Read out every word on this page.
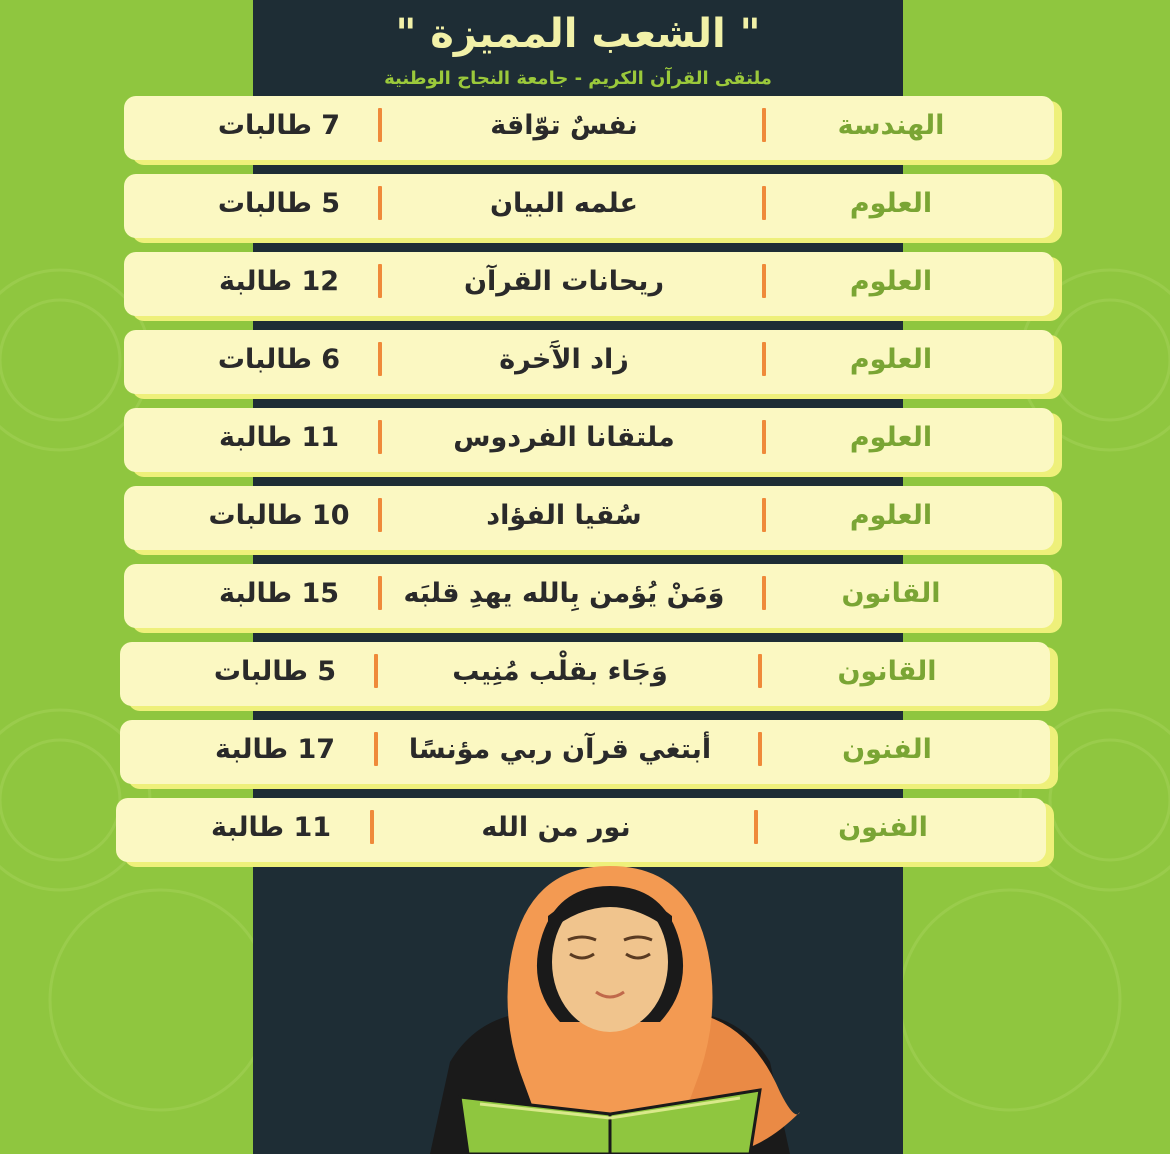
" الشعب المميزة "
ملتقى القرآن الكريم - جامعة النجاح الوطنية
الهندسة
نفسٌ توّاقة
7 طالبات
العلوم
علمه البيان
5 طالبات
العلوم
ريحانات القرآن
12 طالبة
العلوم
زاد الآَخرة
6 طالبات
العلوم
ملتقانا الفردوس
11 طالبة
العلوم
سُقيا الفؤاد
10 طالبات
القانون
وَمَنْ يُؤمن بِالله يهدِ قلبَه
15 طالبة
القانون
وَجَاء بقلْب مُنِيب
5 طالبات
الفنون
أبتغي قرآن ربي مؤنسًا
17 طالبة
الفنون
نور من الله
11 طالبة
